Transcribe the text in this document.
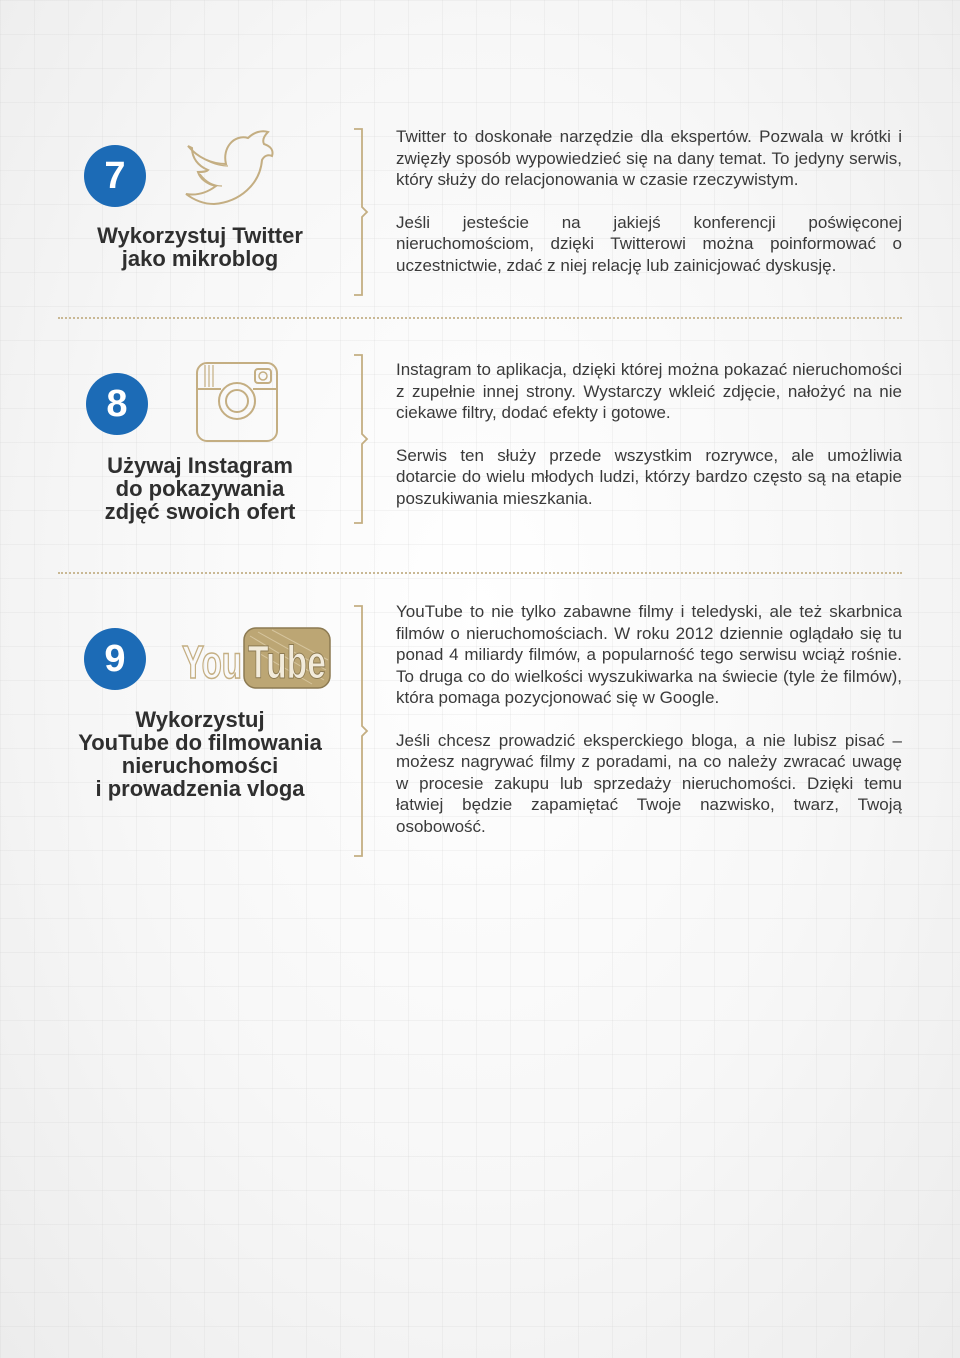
7
Wykorzystuj Twitter
jako mikroblog

Twitter to doskonałe narzędzie dla ekspertów. Pozwala w krótki i zwięzły sposób wypowiedzieć się na dany temat. To jedyny serwis, który służy do relacjonowania w czasie rzeczywistym.

Jeśli jesteście na jakiejś konferencji poświęconej nieruchomościom, dzięki Twitterowi można poinformować o uczestnictwie, zdać z niej relację lub zainicjować dyskusję.

8
Używaj Instagram
do pokazywania
zdjęć swoich ofert

Instagram to aplikacja, dzięki której można pokazać nieruchomości z zupełnie innej strony. Wystarczy wkleić zdjęcie, nałożyć na nie ciekawe filtry, dodać efekty i gotowe.

Serwis ten służy przede wszystkim rozrywce, ale umożliwia dotarcie do wielu młodych ludzi, którzy bardzo często są na etapie poszukiwania mieszkania.

9 You Tube
Wykorzystuj
YouTube do filmowania
nieruchomości
i prowadzenia vloga

YouTube to nie tylko zabawne filmy i teledyski, ale też skarbnica filmów o nieruchomościach. W roku 2012 dziennie oglądało się tu ponad 4 miliardy filmów, a popularność tego serwisu wciąż rośnie. To druga co do wielkości wyszukiwarka na świecie (tyle że filmów), która pomaga pozycjonować się w Google.

Jeśli chcesz prowadzić eksperckiego bloga, a nie lubisz pisać – możesz nagrywać filmy z poradami, na co należy zwracać uwagę w procesie zakupu lub sprzedaży nieruchomości. Dzięki temu łatwiej będzie zapamiętać Twoje nazwisko, twarz, Twoją osobowość.
